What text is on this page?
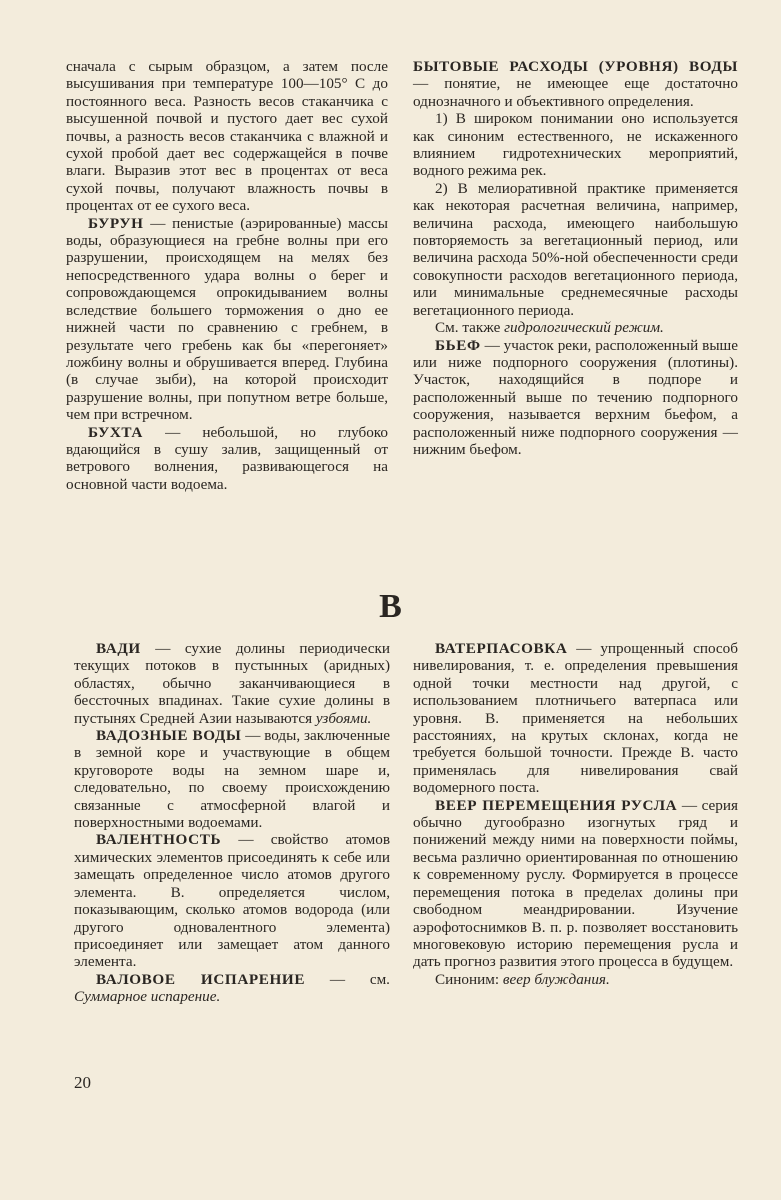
сначала с сырым образцом, а затем после высушивания при температуре 100—105° С до постоянного веса. Разность весов стаканчика с высушенной почвой и пустого дает вес сухой почвы, а разность весов стаканчика с влажной и сухой пробой дает вес содержащейся в почве влаги. Выразив этот вес в процентах от веса сухой почвы, получают влажность почвы в процентах от ее сухого веса.

БУРУН — пенистые (аэрированные) массы воды, образующиеся на гребне волны при его разрушении, происходящем на мелях без непосредственного удара волны о берег и сопровождающемся опрокидыванием волны вследствие большего торможения о дно ее нижней части по сравнению с гребнем, в результате чего гребень как бы «перегоняет» ложбину волны и обрушивается вперед. Глубина (в случае зыби), на которой происходит разрушение волны, при попутном ветре больше, чем при встречном.

БУХТА — небольшой, но глубоко вдающийся в сушу залив, защищенный от ветрового волнения, развивающегося на основной части водоема.

БЫТОВЫЕ РАСХОДЫ (УРОВНЯ) ВОДЫ — понятие, не имеющее еще достаточно однозначного и объективного определения.

1) В широком понимании оно используется как синоним естественного, не искаженного влиянием гидротехнических мероприятий, водного режима рек.

2) В мелиоративной практике применяется как некоторая расчетная величина, например, величина расхода, имеющего наибольшую повторяемость за вегетационный период, или величина расхода 50%-ной обеспеченности среди совокупности расходов вегетационного периода, или минимальные среднемесячные расходы вегетационного периода.

См. также гидрологический режим.

БЬЕФ — участок реки, расположенный выше или ниже подпорного сооружения (плотины). Участок, находящийся в подпоре и расположенный выше по течению подпорного сооружения, называется верхним бьефом, а расположенный ниже подпорного сооружения — нижним бьефом.

В

ВАДИ — сухие долины периодически текущих потоков в пустынных (аридных) областях, обычно заканчивающиеся в бессточных впадинах. Такие сухие долины в пустынях Средней Азии называются узбоями.

ВАДОЗНЫЕ ВОДЫ — воды, заключенные в земной коре и участвующие в общем круговороте воды на земном шаре и, следовательно, по своему происхождению связанные с атмосферной влагой и поверхностными водоемами.

ВАЛЕНТНОСТЬ — свойство атомов химических элементов присоединять к себе или замещать определенное число атомов другого элемента. В. определяется числом, показывающим, сколько атомов водорода (или другого одновалентного элемента) присоединяет или замещает атом данного элемента.

ВАЛОВОЕ ИСПАРЕНИЕ — см. Суммарное испарение.

ВАТЕРПАСОВКА — упрощенный способ нивелирования, т. е. определения превышения одной точки местности над другой, с использованием плотничьего ватерпаса или уровня. В. применяется на небольших расстояниях, на крутых склонах, когда не требуется большой точности. Прежде В. часто применялась для нивелирования свай водомерного поста.

ВЕЕР ПЕРЕМЕЩЕНИЯ РУСЛА — серия обычно дугообразно изогнутых гряд и понижений между ними на поверхности поймы, весьма различно ориентированная по отношению к современному руслу. Формируется в процессе перемещения потока в пределах долины при свободном меандрировании. Изучение аэрофотоснимков В. п. р. позволяет восстановить многовековую историю перемещения русла и дать прогноз развития этого процесса в будущем.

Синоним: веер блуждания.

20
